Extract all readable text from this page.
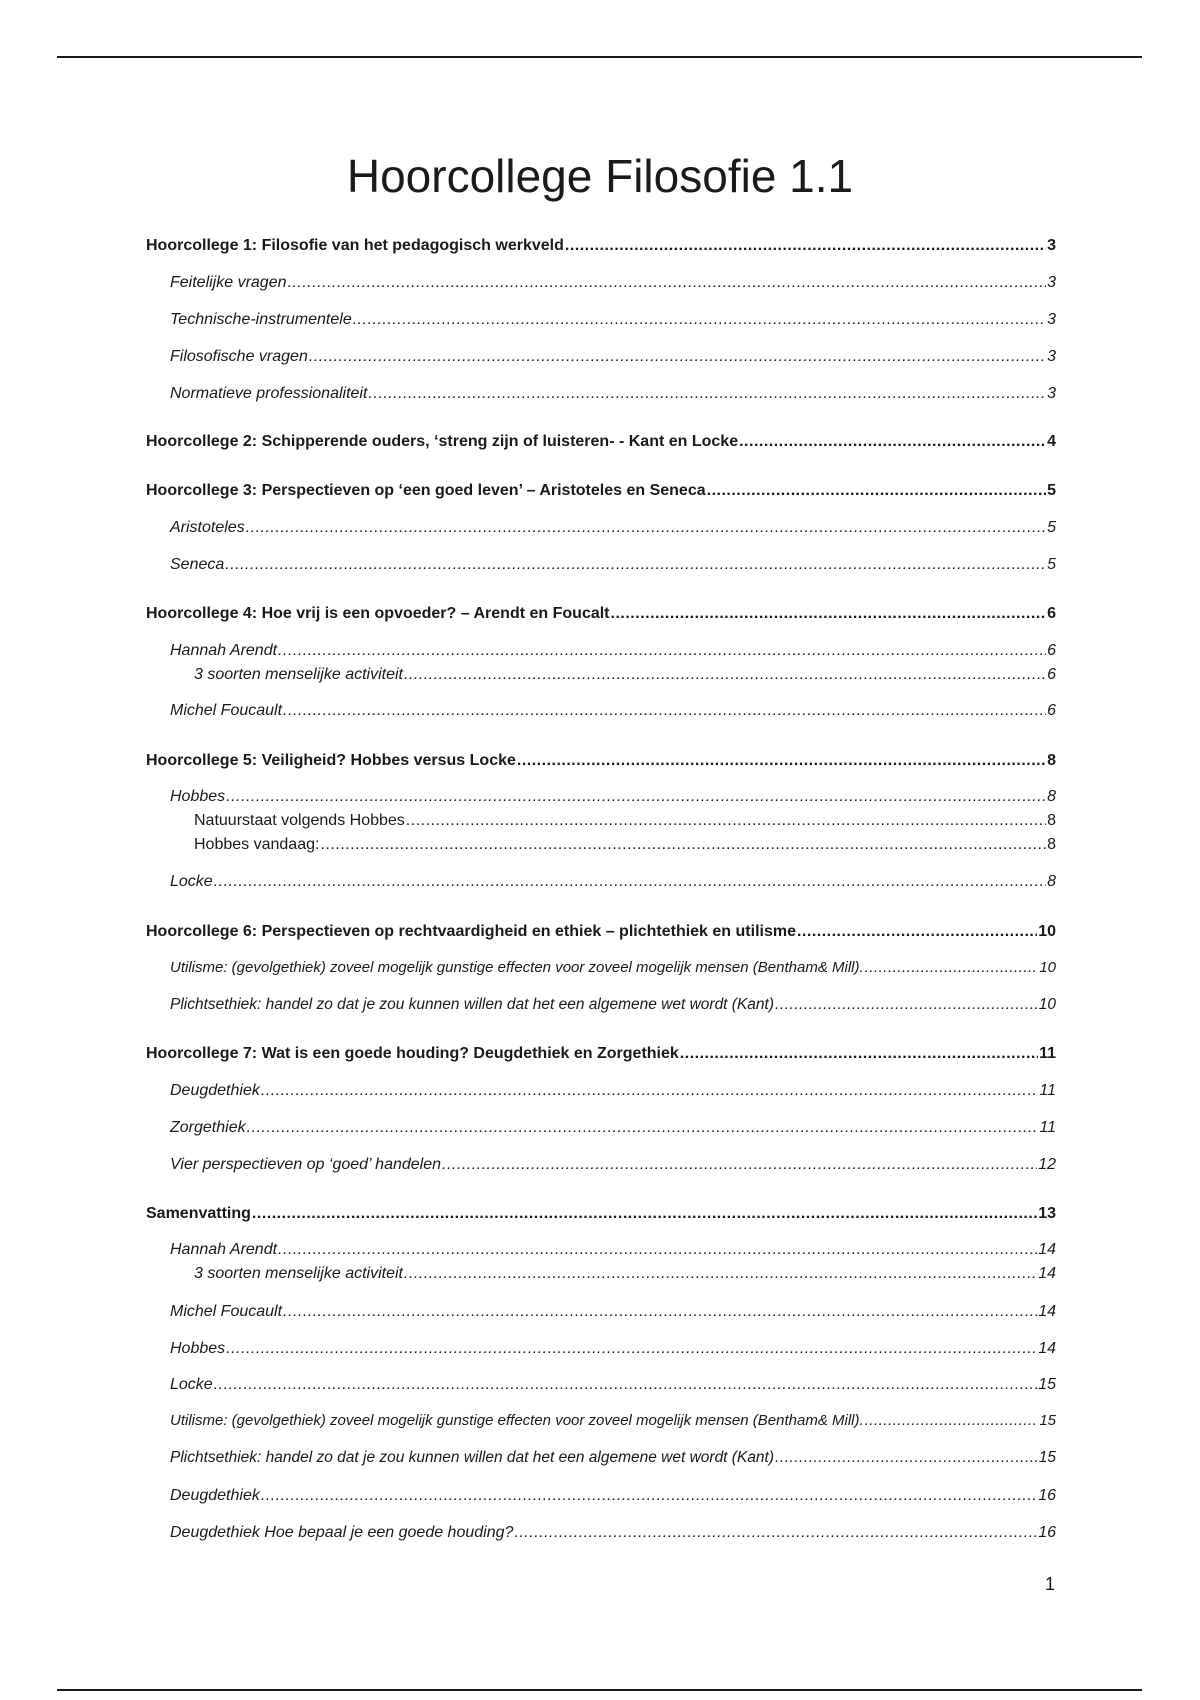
Hoorcollege Filosofie 1.1
Hoorcollege 1: Filosofie van het pedagogisch werkveld .....	3
Feitelijke vragen .....	3
Technische-instrumentele .....	3
Filosofische vragen .....	3
Normatieve professionaliteit .....	3
Hoorcollege 2: Schipperende ouders, ‘streng zijn of luisteren- - Kant en Locke .....	4
Hoorcollege 3: Perspectieven op ‘een goed leven’ – Aristoteles en Seneca .....	5
Aristoteles .....	5
Seneca .....	5
Hoorcollege 4: Hoe vrij is een opvoeder? – Arendt en Foucalt .....	6
Hannah Arendt .....	6
3 soorten menselijke activiteit .....	6
Michel Foucault .....	6
Hoorcollege 5: Veiligheid? Hobbes versus Locke .....	8
Hobbes .....	8
Natuurstaat volgends Hobbes .....	8
Hobbes vandaag: .....	8
Locke .....	8
Hoorcollege 6: Perspectieven op rechtvaardigheid en ethiek – plichtethiek en utilisme .....	10
Utilisme: (gevolgethiek) zoveel mogelijk gunstige effecten voor zoveel mogelijk mensen (Bentham& Mill). .....	10
Plichtsethiek: handel zo dat je zou kunnen willen dat het een algemene wet wordt (Kant) .....	10
Hoorcollege 7: Wat is een goede houding? Deugdethiek en Zorgethiek .....	11
Deugdethiek .....	11
Zorgethiek .....	11
Vier perspectieven op ‘goed’ handelen .....	12
Samenvatting .....	13
Hannah Arendt .....	14
3 soorten menselijke activiteit .....	14
Michel Foucault .....	14
Hobbes .....	14
Locke .....	15
Utilisme: (gevolgethiek) zoveel mogelijk gunstige effecten voor zoveel mogelijk mensen (Bentham& Mill). .....	15
Plichtsethiek: handel zo dat je zou kunnen willen dat het een algemene wet wordt (Kant) .....	15
Deugdethiek .....	16
Deugdethiek Hoe bepaal je een goede houding? .....	16
1
